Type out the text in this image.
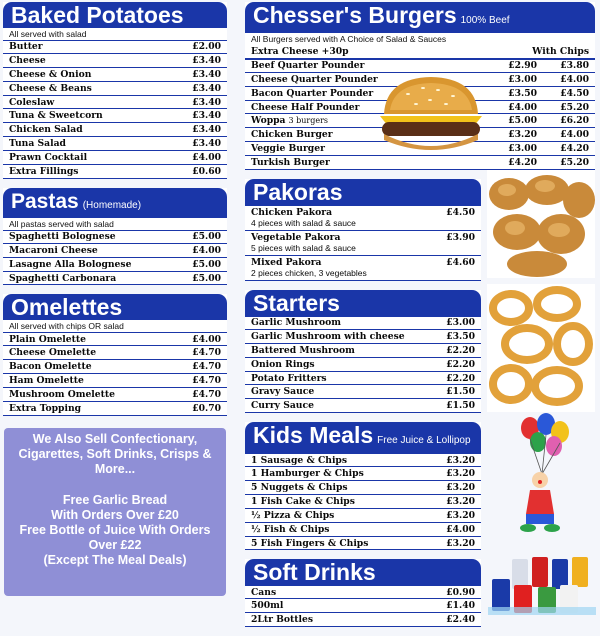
Baked Potatoes
All served with salad
Butter	£2.00
Cheese	£3.40
Cheese & Onion	£3.40
Cheese & Beans	£3.40
Coleslaw	£3.40
Tuna & Sweetcorn	£3.40
Chicken Salad	£3.40
Tuna Salad	£3.40
Prawn Cocktail	£4.00
Extra Fillings	£0.60
Pastas (Homemade)
All pastas served with salad
Spaghetti Bolognese	£5.00
Macaroni Cheese	£4.00
Lasagne Alla Bolognese	£5.00
Spaghetti Carbonara	£5.00
Omelettes
All served with chips OR salad
Plain Omelette	£4.00
Cheese Omelette	£4.70
Bacon Omelette	£4.70
Ham Omelette	£4.70
Mushroom Omelette	£4.70
Extra Topping	£0.70
We Also Sell Confectionary,
Cigarettes, Soft Drinks, Crisps &
More...
Free Garlic Bread
With Orders Over £20
Free Bottle of Juice With Orders
Over £22
(Except The Meal Deals)
Chesser's Burgers 100% Beef
All Burgers served with A Choice of Salad & Sauces
Extra Cheese +30p	With Chips
Beef Quarter Pounder	£2.90	£3.80
Cheese Quarter Pounder	£3.00	£4.00
Bacon Quarter Pounder	£3.50	£4.50
Cheese Half Pounder	£4.00	£5.20
Woppa 3 burgers	£5.00	£6.20
Chicken Burger	£3.20	£4.00
Veggie Burger	£3.00	£4.20
Turkish Burger	£4.20	£5.20
Pakoras
Chicken Pakora	£4.50
4 pieces with salad & sauce
Vegetable Pakora	£3.90
5 pieces with salad & sauce
Mixed Pakora	£4.60
2 pieces chicken, 3 vegetables
Starters
Garlic Mushroom	£3.00
Garlic Mushroom with cheese	£3.50
Battered Mushroom	£2.20
Onion Rings	£2.20
Potato Fritters	£2.20
Gravy Sauce	£1.50
Curry Sauce	£1.50
Kids Meals Free Juice & Lollipop
1 Sausage & Chips	£3.20
1 Hamburger & Chips	£3.20
5 Nuggets & Chips	£3.20
1 Fish Cake & Chips	£3.20
½ Pizza & Chips	£3.20
½ Fish & Chips	£4.00
5 Fish Fingers & Chips	£3.20
Soft Drinks
Cans	£0.90
500ml	£1.40
2Ltr Bottles	£2.40
